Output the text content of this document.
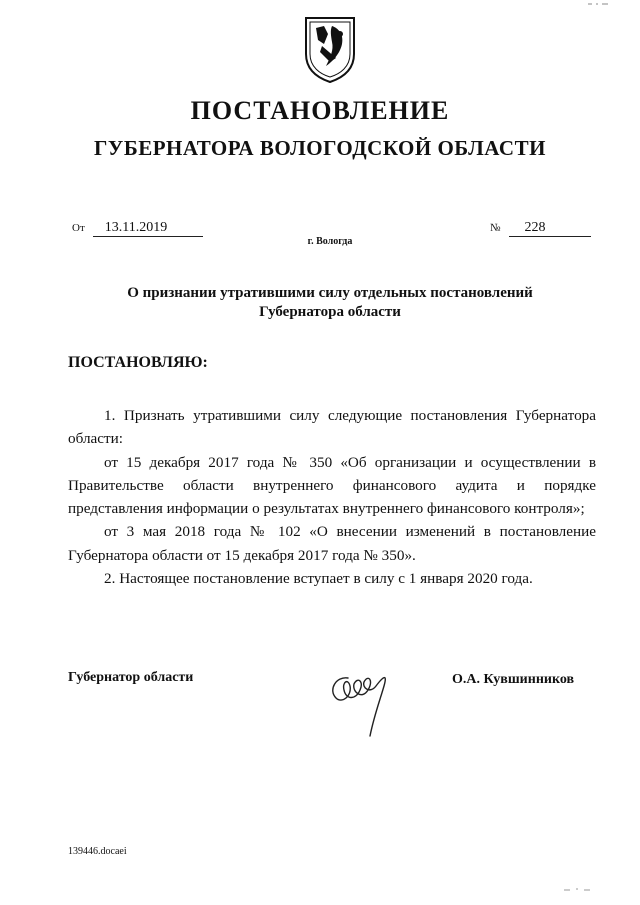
ПОСТАНОВЛЕНИЕ
ГУБЕРНАТОРА ВОЛОГОДСКОЙ ОБЛАСТИ
От 13.11.2019	№ 228
г. Вологда
О признании утратившими силу отдельных постановлений
Губернатора области
ПОСТАНОВЛЯЮ:

1. Признать утратившими силу следующие постановления Губернатора области:

от 15 декабря 2017 года № 350 «Об организации и осуществлении в Правительстве области внутреннего финансового аудита и порядке представления информации о результатах внутреннего финансового контроля»;

от 3 мая 2018 года № 102 «О внесении изменений в постановление Губернатора области от 15 декабря 2017 года № 350».

2. Настоящее постановление вступает в силу с 1 января 2020 года.

Губернатор области	О.А. Кувшинников
139446.docaei
